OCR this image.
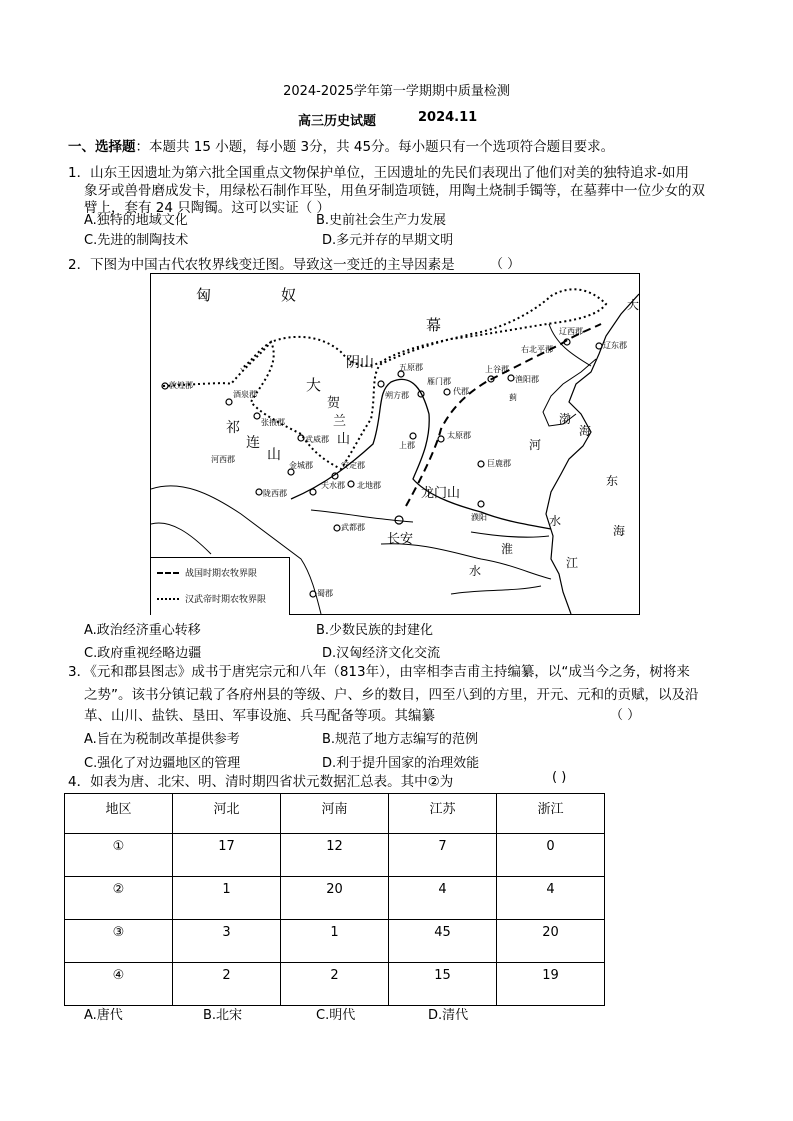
2024-2025学年第一学期期中质量检测
高三历史试题	2024.11
一、选择题：本题共 15 小题，每小题 3分，共 45分。每小题只有一个选项符合题目要求。
1．山东王因遗址为第六批全国重点文物保护单位，王因遗址的先民们表现出了他们对美的独特追求-如用
象牙或兽骨磨成发卡，用绿松石制作耳坠，用鱼牙制造项链，用陶土烧制手镯等，在墓葬中一位少女的双
臂上，套有 24 只陶镯。这可以实证（ ）
A.独特的地域文化	B.史前社会生产力发展
C.先进的制陶技术	D.多元并存的早期文明
2．下图为中国古代农牧界线变迁图。导致这一变迁的主导因素是	（ ）
匈	奴
幕
阴山
大
祁
连
山
贺
兰
山
龙门山
长安
渤
海
东
海
河
水
水
江
淮
大
敦煌郡
酒泉郡
张掖郡
武威郡
金城郡
陇西郡
天水郡
安定郡
北地郡
武都郡
蜀郡
朔方郡
五原郡
上郡
雁门郡
代郡
太原郡
上谷郡
渔阳郡
右北平郡
辽西郡
辽东郡
巨鹿郡
濮阳
蓟
河西郡
战国时期农牧界限
汉武帝时期农牧界限
A.政治经济重心转移	B.少数民族的封建化
C.政府重视经略边疆	D.汉匈经济文化交流
3．《元和郡县图志》成书于唐宪宗元和八年（813年），由宰相李吉甫主持编纂，以“成当今之务，树将来
之势”。该书分镇记载了各府州县的等级、户、乡的数目，四至八到的方里，开元、元和的贡赋，以及沿
革、山川、盐铁、垦田、军事设施、兵马配备等项。其编纂	（ ）
A.旨在为税制改革提供参考	B.规范了地方志编写的范例
C.强化了对边疆地区的管理	D.利于提升国家的治理效能
4．如表为唐、北宋、明、清时期四省状元数据汇总表。其中②为	( )
地区	河北	河南	江苏	浙江
①	17	12	7	0
②	1	20	4	4
③	3	1	45	20
④	2	2	15	19
A.唐代	B.北宋	C.明代	D.清代
